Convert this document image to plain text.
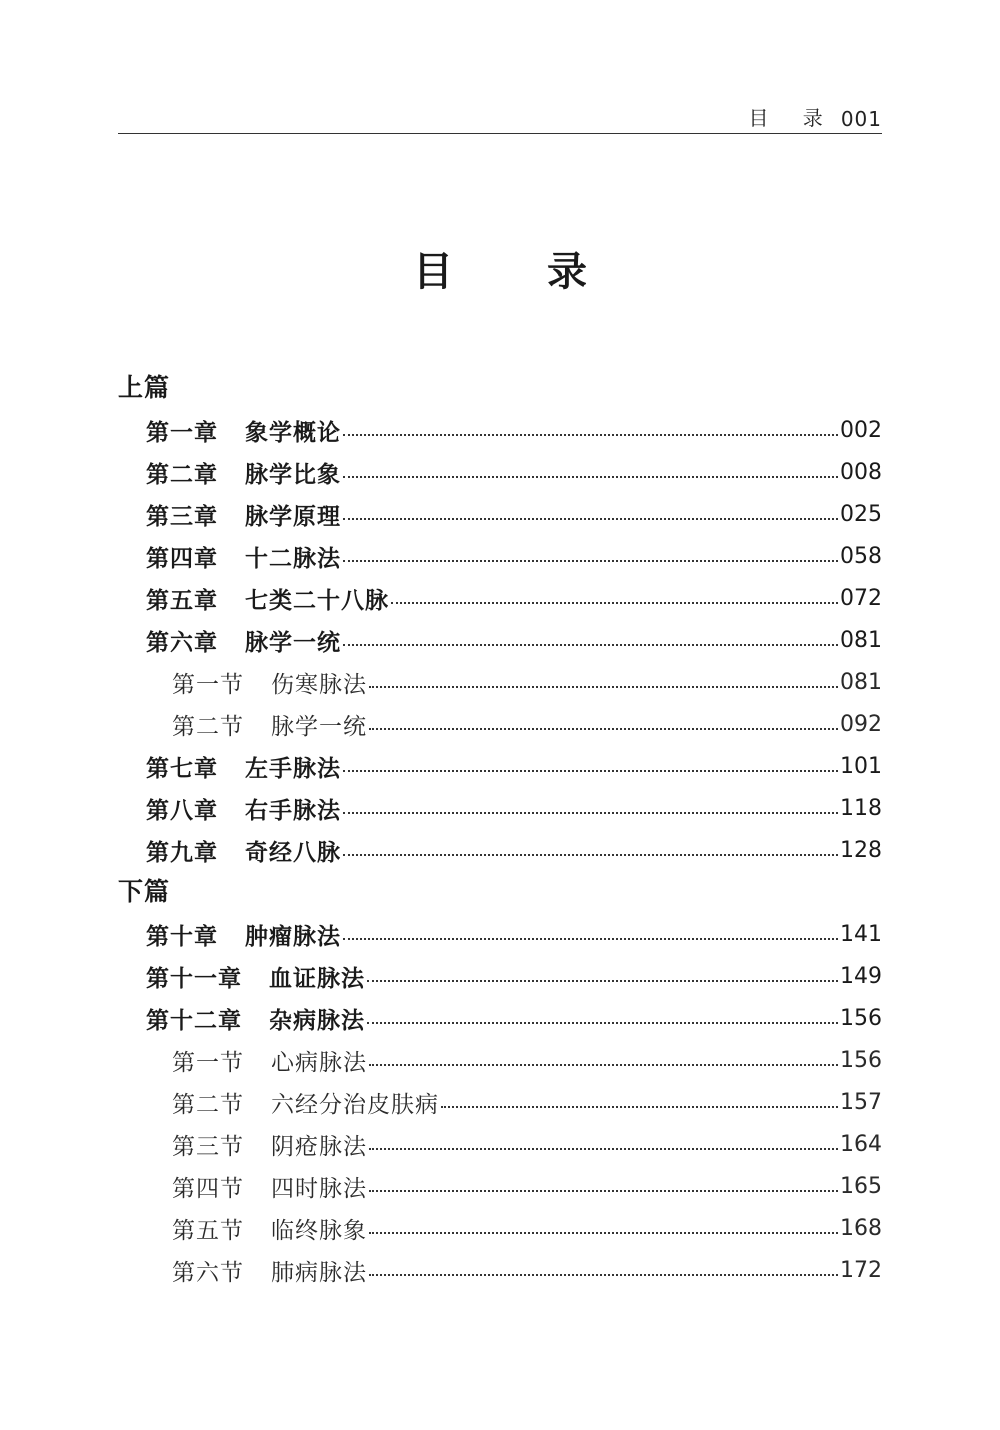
目 录 001
目 录
上篇
第一章 象学概论	002
第二章 脉学比象	008
第三章 脉学原理	025
第四章 十二脉法	058
第五章 七类二十八脉	072
第六章 脉学一统	081
第一节 伤寒脉法	081
第二节 脉学一统	092
第七章 左手脉法	101
第八章 右手脉法	118
第九章 奇经八脉	128
下篇
第十章 肿瘤脉法	141
第十一章 血证脉法	149
第十二章 杂病脉法	156
第一节 心病脉法	156
第二节 六经分治皮肤病	157
第三节 阴疮脉法	164
第四节 四时脉法	165
第五节 临终脉象	168
第六节 肺病脉法	172
